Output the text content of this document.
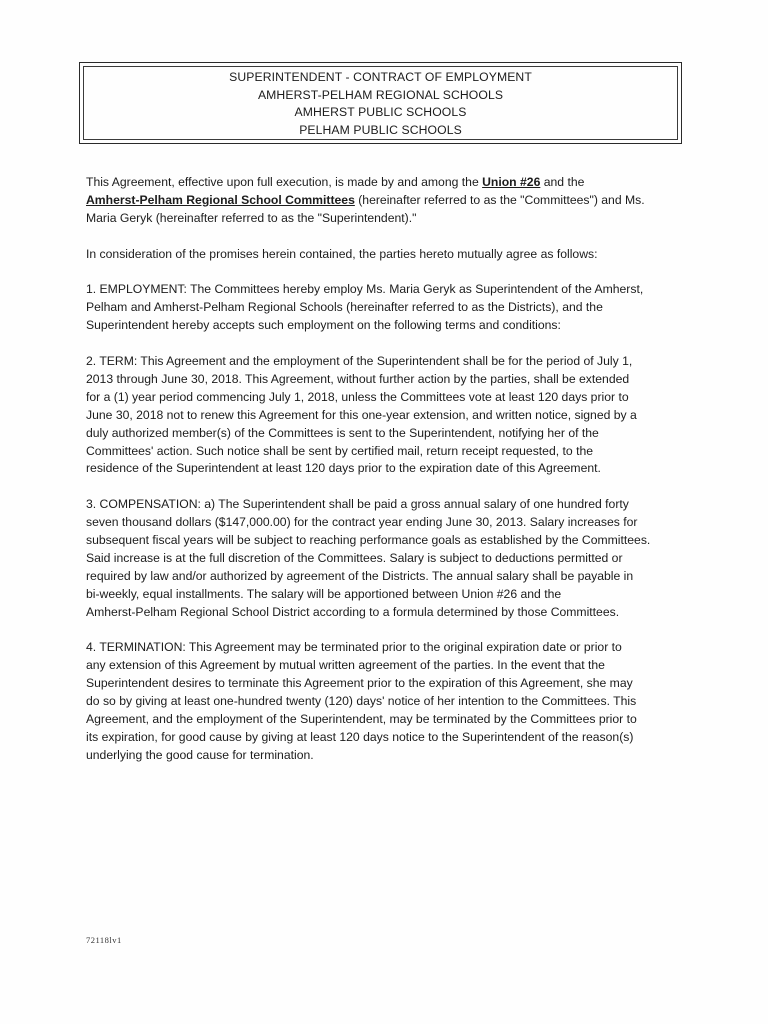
SUPERINTENDENT - CONTRACT OF EMPLOYMENT
AMHERST-PELHAM REGIONAL SCHOOLS
AMHERST PUBLIC SCHOOLS
PELHAM PUBLIC SCHOOLS
This Agreement, effective upon full execution, is made by and among the Union #26 and the
Amherst-Pelham Regional School Committees (hereinafter referred to as the "Committees") and Ms.
Maria Geryk (hereinafter referred to as the "Superintendent)."
In consideration of the promises herein contained, the parties hereto mutually agree as follows:
1. EMPLOYMENT: The Committees hereby employ Ms. Maria Geryk as Superintendent of the Amherst,
Pelham and Amherst-Pelham Regional Schools (hereinafter referred to as the Districts), and the
Superintendent hereby accepts such employment on the following terms and conditions:
2. TERM: This Agreement and the employment of the Superintendent shall be for the period of July 1,
2013 through June 30, 2018. This Agreement, without further action by the parties, shall be extended
for a (1) year period commencing July 1, 2018, unless the Committees vote at least 120 days prior to
June 30, 2018 not to renew this Agreement for this one-year extension, and written notice, signed by a
duly authorized member(s) of the Committees is sent to the Superintendent, notifying her of the
Committees' action. Such notice shall be sent by certified mail, return receipt requested, to the
residence of the Superintendent at least 120 days prior to the expiration date of this Agreement.
3. COMPENSATION: a) The Superintendent shall be paid a gross annual salary of one hundred forty
seven thousand dollars ($147,000.00) for the contract year ending June 30, 2013. Salary increases for
subsequent fiscal years will be subject to reaching performance goals as established by the Committees.
Said increase is at the full discretion of the Committees. Salary is subject to deductions permitted or
required by law and/or authorized by agreement of the Districts. The annual salary shall be payable in
bi-weekly, equal installments. The salary will be apportioned between Union #26 and the
Amherst-Pelham Regional School District according to a formula determined by those Committees.
4. TERMINATION: This Agreement may be terminated prior to the original expiration date or prior to
any extension of this Agreement by mutual written agreement of the parties. In the event that the
Superintendent desires to terminate this Agreement prior to the expiration of this Agreement, she may
do so by giving at least one-hundred twenty (120) days' notice of her intention to the Committees. This
Agreement, and the employment of the Superintendent, may be terminated by the Committees prior to
its expiration, for good cause by giving at least 120 days notice to the Superintendent of the reason(s)
underlying the good cause for termination.
72118lv1
